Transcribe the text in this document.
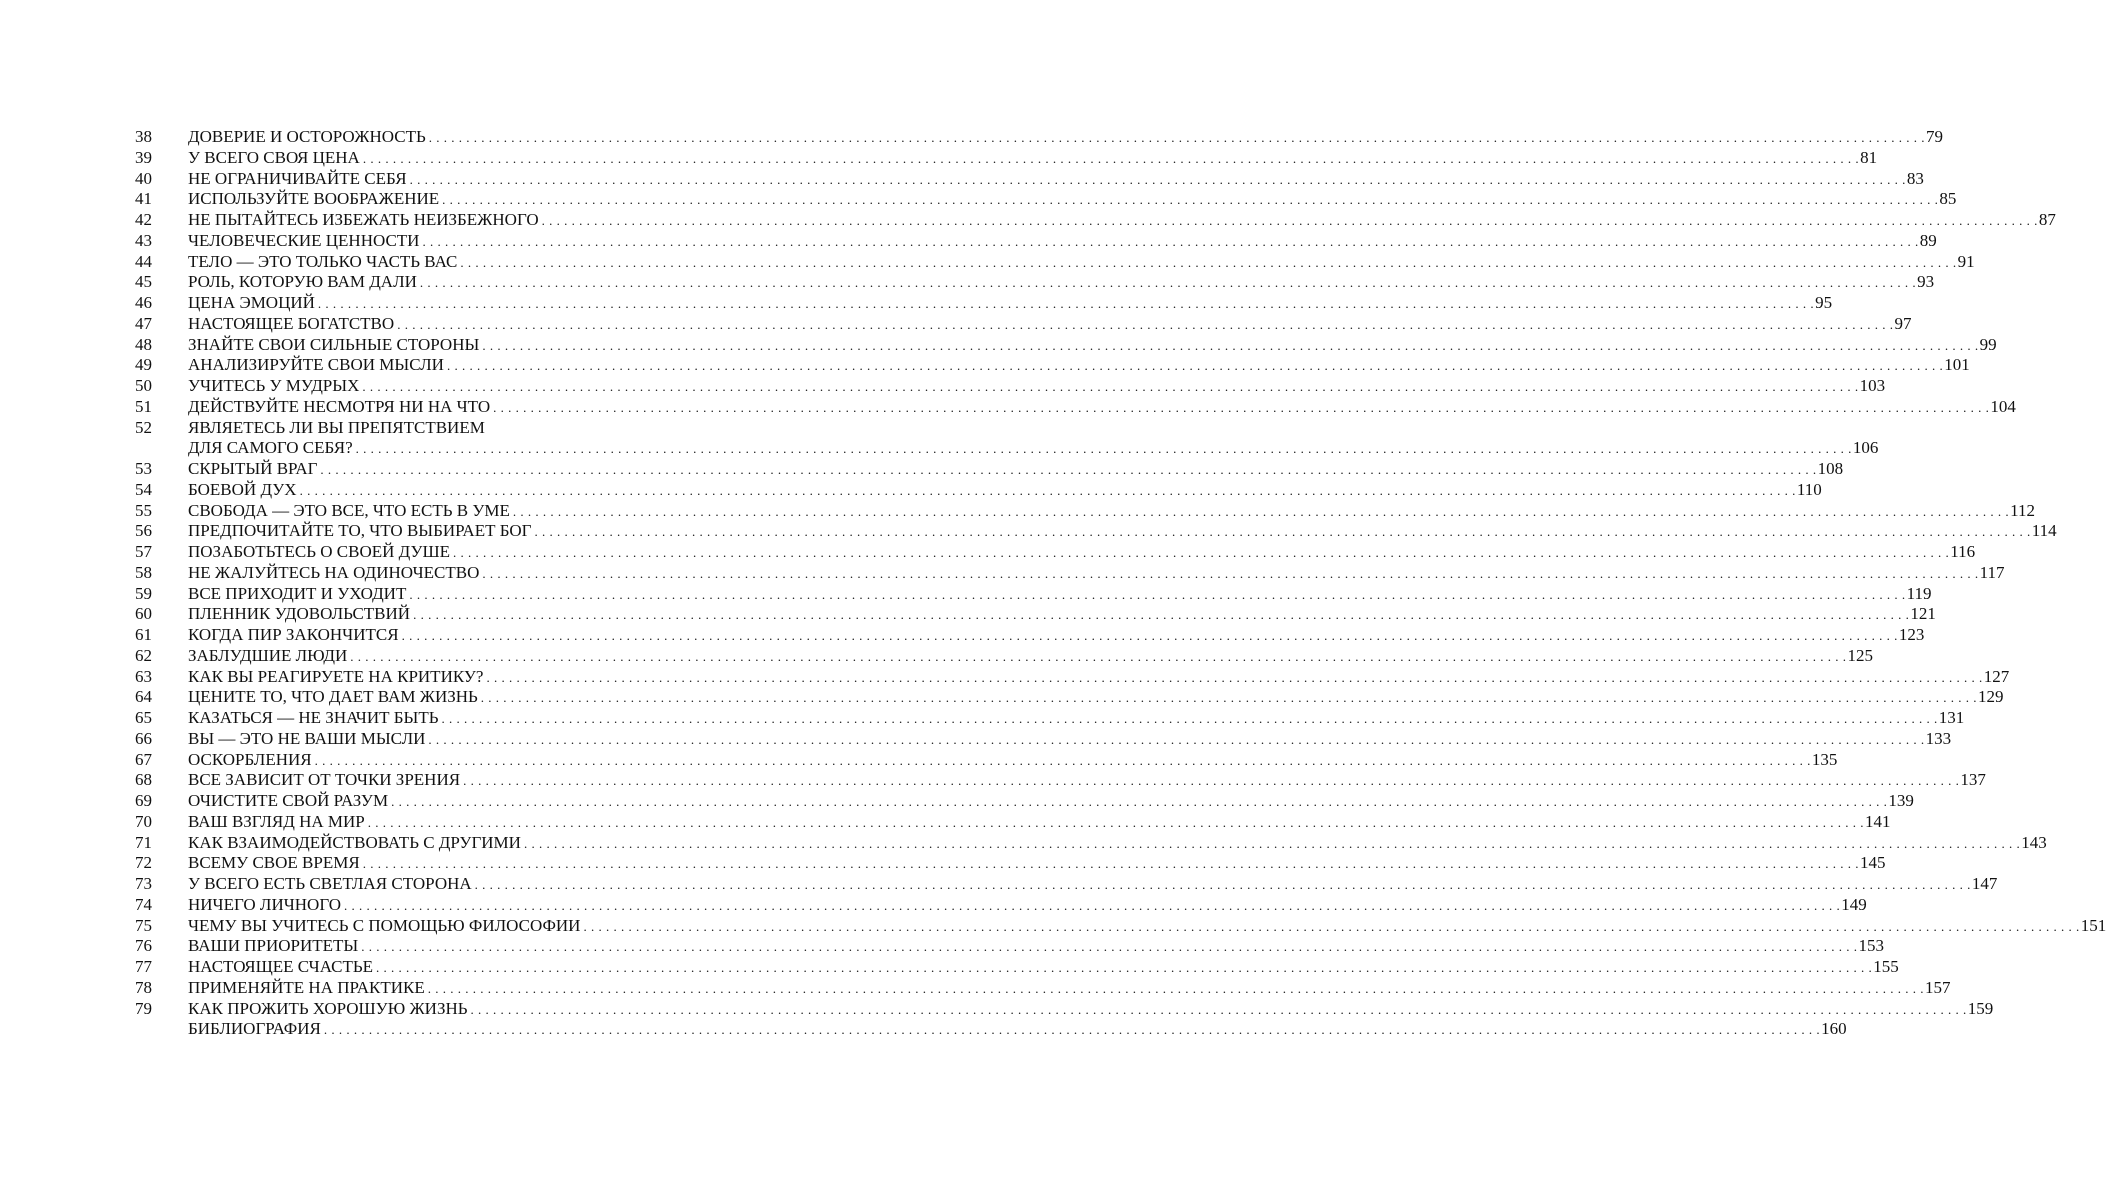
38 ДОВЕРИЕ И ОСТОРОЖНОСТЬ . . . . . . . . . . . . . . . . . . . . . . . . . . . . . . . . . . . . . . . . . . . . . . . . . . . . . . . . . . . . . . . . . . . . . . . . . . . . . . . . . . . . . . . . . . . . . . . . . . . . . . . . . . . . . . . . . . . . . . . . . . . . . . . . . . . . . . . . . . . . . . . . . . . . . . . . . . . . . . . . . . . . . . . . . . . . . . . . . . . . . . . . . . . . . . . . . . . . . . . . 79
39 У ВСЕГО СВОЯ ЦЕНА . . . . . . . . . . . . . . . . . . . . . . . . . . . . . . . . . . . . . . . . . . . . . . . . . . . . . . . . . . . . . . . . . . . . . . . . . . . . . . . . . . . . . . . . . . . . . . . . . . . . . . . . . . . . . . . . . . . . . . . . . . . . . . . . . . . . . . . . . . . . . . . . . . . . . . . . . . . . . . . . . . . . . . . . . . . . . . . . . . . . . . . . . . . . . . . . . . . . . . . . 81
40 НЕ ОГРАНИЧИВАЙТЕ СЕБЯ . . . . . . . . . . . . . . . . . . . . . . . . . . . . . . . . . . . . . . . . . . . . . . . . . . . . . . . . . . . . . . . . . . . . . . . . . . . . . . . . . . . . . . . . . . . . . . . . . . . . . . . . . . . . . . . . . . . . . . . . . . . . . . . . . . . . . . . . . . . . . . . . . . . . . . . . . . . . . . . . . . . . . . . . . . . . . . . . . . . . . . . . . . . . . . . . . . . . . . . . 83
41 ИСПОЛЬЗУЙТЕ ВООБРАЖЕНИЕ . . . . . . . . . . . . . . . . . . . . . . . . . . . . . . . . . . . . . . . . . . . . . . . . . . . . . . . . . . . . . . . . . . . . . . . . . . . . . . . . . . . . . . . . . . . . . . . . . . . . . . . . . . . . . . . . . . . . . . . . . . . . . . . . . . . . . . . . . . . . . . . . . . . . . . . . . . . . . . . . . . . . . . . . . . . . . . . . . . . . . . . . . . . . . . . . . . . . . . . . 85
42 НЕ ПЫТАЙТЕСЬ ИЗБЕЖАТЬ НЕИЗБЕЖНОГО . . . . . . . . . . . . . . . . . . . . . . . . . . . . . . . . . . . . . . . . . . . . . . . . . . . . . . . . . . . . . . . . . . . . . . . . . . . . . . . . . . . . . . . . . . . . . . . . . . . . . . . . . . . . . . . . . . . . . . . . . . . . . . . . . . . . . . . . . . . . . . . . . . . . . . . . . . . . . . . . . . . . . . . . . . . . . . . . . . . . . . . . . . . . . . . . . . . . . . . . 87
43 ЧЕЛОВЕЧЕСКИЕ ЦЕННОСТИ . . . . . . . . . . . . . . . . . . . . . . . . . . . . . . . . . . . . . . . . . . . . . . . . . . . . . . . . . . . . . . . . . . . . . . . . . . . . . . . . . . . . . . . . . . . . . . . . . . . . . . . . . . . . . . . . . . . . . . . . . . . . . . . . . . . . . . . . . . . . . . . . . . . . . . . . . . . . . . . . . . . . . . . . . . . . . . . . . . . . . . . . . . . . . . . . . . . . . . . . 89
44 ТЕЛО — ЭТО ТОЛЬКО ЧАСТЬ ВАС . . . . . . . . . . . . . . . . . . . . . . . . . . . . . . . . . . . . . . . . . . . . . . . . . . . . . . . . . . . . . . . . . . . . . . . . . . . . . . . . . . . . . . . . . . . . . . . . . . . . . . . . . . . . . . . . . . . . . . . . . . . . . . . . . . . . . . . . . . . . . . . . . . . . . . . . . . . . . . . . . . . . . . . . . . . . . . . . . . . . . . . . . . . . . . . . . . . . . . . . 91
45 РОЛЬ, КОТОРУЮ ВАМ ДАЛИ . . . . . . . . . . . . . . . . . . . . . . . . . . . . . . . . . . . . . . . . . . . . . . . . . . . . . . . . . . . . . . . . . . . . . . . . . . . . . . . . . . . . . . . . . . . . . . . . . . . . . . . . . . . . . . . . . . . . . . . . . . . . . . . . . . . . . . . . . . . . . . . . . . . . . . . . . . . . . . . . . . . . . . . . . . . . . . . . . . . . . . . . . . . . . . . . . . . . . . . . 93
46 ЦЕНА ЭМОЦИЙ . . . . . . . . . . . . . . . . . . . . . . . . . . . . . . . . . . . . . . . . . . . . . . . . . . . . . . . . . . . . . . . . . . . . . . . . . . . . . . . . . . . . . . . . . . . . . . . . . . . . . . . . . . . . . . . . . . . . . . . . . . . . . . . . . . . . . . . . . . . . . . . . . . . . . . . . . . . . . . . . . . . . . . . . . . . . . . . . . . . . . . . . . . . . . . . . . . . . . . . . 95
47 НАСТОЯЩЕЕ БОГАТСТВО . . . . . . . . . . . . . . . . . . . . . . . . . . . . . . . . . . . . . . . . . . . . . . . . . . . . . . . . . . . . . . . . . . . . . . . . . . . . . . . . . . . . . . . . . . . . . . . . . . . . . . . . . . . . . . . . . . . . . . . . . . . . . . . . . . . . . . . . . . . . . . . . . . . . . . . . . . . . . . . . . . . . . . . . . . . . . . . . . . . . . . . . . . . . . . . . . . . . . . . . 97
48 ЗНАЙТЕ СВОИ СИЛЬНЫЕ СТОРОНЫ . . . . . . . . . . . . . . . . . . . . . . . . . . . . . . . . . . . . . . . . . . . . . . . . . . . . . . . . . . . . . . . . . . . . . . . . . . . . . . . . . . . . . . . . . . . . . . . . . . . . . . . . . . . . . . . . . . . . . . . . . . . . . . . . . . . . . . . . . . . . . . . . . . . . . . . . . . . . . . . . . . . . . . . . . . . . . . . . . . . . . . . . . . . . . . . . . . . . . . . . 99
49 АНАЛИЗИРУЙТЕ СВОИ МЫСЛИ . . . . . . . . . . . . . . . . . . . . . . . . . . . . . . . . . . . . . . . . . . . . . . . . . . . . . . . . . . . . . . . . . . . . . . . . . . . . . . . . . . . . . . . . . . . . . . . . . . . . . . . . . . . . . . . . . . . . . . . . . . . . . . . . . . . . . . . . . . . . . . . . . . . . . . . . . . . . . . . . . . . . . . . . . . . . . . . . . . . . . . . . . . . . . . . . . . . . . . . . 101
50 УЧИТЕСЬ У МУДРЫХ . . . . . . . . . . . . . . . . . . . . . . . . . . . . . . . . . . . . . . . . . . . . . . . . . . . . . . . . . . . . . . . . . . . . . . . . . . . . . . . . . . . . . . . . . . . . . . . . . . . . . . . . . . . . . . . . . . . . . . . . . . . . . . . . . . . . . . . . . . . . . . . . . . . . . . . . . . . . . . . . . . . . . . . . . . . . . . . . . . . . . . . . . . . . . . . . . . . . . . . . 103
51 ДЕЙСТВУЙТЕ НЕСМОТРЯ НИ НА ЧТО . . . . . . . . . . . . . . . . . . . . . . . . . . . . . . . . . . . . . . . . . . . . . . . . . . . . . . . . . . . . . . . . . . . . . . . . . . . . . . . . . . . . . . . . . . . . . . . . . . . . . . . . . . . . . . . . . . . . . . . . . . . . . . . . . . . . . . . . . . . . . . . . . . . . . . . . . . . . . . . . . . . . . . . . . . . . . . . . . . . . . . . . . . . . . . . . . . . . . . . . 104
52 ЯВЛЯЕТЕСЬ ЛИ ВЫ ПРЕПЯТСТВИЕМ
ДЛЯ САМОГО СЕБЯ? . . . . . . . . . . . . . . . . . . . . . . . . . . . . . . . . . . . . . . . . . . . . . . . . . . . . . . . . . . . . . . . . . . . . . . . . . . . . . . . . . . . . . . . . . . . . . . . . . . . . . . . . . . . . . . . . . . . . . . . . . . . . . . . . . . . . . . . . . . . . . . . . . . . . . . . . . . . . . . . . . . . . . . . . . . . . . . . . . . . . . . . . . . . . . . . . . . . . . . . . 106
53 СКРЫТЫЙ ВРАГ . . . . . . . . . . . . . . . . . . . . . . . . . . . . . . . . . . . . . . . . . . . . . . . . . . . . . . . . . . . . . . . . . . . . . . . . . . . . . . . . . . . . . . . . . . . . . . . . . . . . . . . . . . . . . . . . . . . . . . . . . . . . . . . . . . . . . . . . . . . . . . . . . . . . . . . . . . . . . . . . . . . . . . . . . . . . . . . . . . . . . . . . . . . . . . . . . . . . . . . . 108
54 БОЕВОЙ ДУХ . . . . . . . . . . . . . . . . . . . . . . . . . . . . . . . . . . . . . . . . . . . . . . . . . . . . . . . . . . . . . . . . . . . . . . . . . . . . . . . . . . . . . . . . . . . . . . . . . . . . . . . . . . . . . . . . . . . . . . . . . . . . . . . . . . . . . . . . . . . . . . . . . . . . . . . . . . . . . . . . . . . . . . . . . . . . . . . . . . . . . . . . . . . . . . . . . . . . . . . . 110
55 СВОБОДА — ЭТО ВСЕ, ЧТО ЕСТЬ В УМЕ . . . . . . . . . . . . . . . . . . . . . . . . . . . . . . . . . . . . . . . . . . . . . . . . . . . . . . . . . . . . . . . . . . . . . . . . . . . . . . . . . . . . . . . . . . . . . . . . . . . . . . . . . . . . . . . . . . . . . . . . . . . . . . . . . . . . . . . . . . . . . . . . . . . . . . . . . . . . . . . . . . . . . . . . . . . . . . . . . . . . . . . . . . . . . . . . . . . . . . . . 112
56 ПРЕДПОЧИТАЙТЕ ТО, ЧТО ВЫБИРАЕТ БОГ . . . . . . . . . . . . . . . . . . . . . . . . . . . . . . . . . . . . . . . . . . . . . . . . . . . . . . . . . . . . . . . . . . . . . . . . . . . . . . . . . . . . . . . . . . . . . . . . . . . . . . . . . . . . . . . . . . . . . . . . . . . . . . . . . . . . . . . . . . . . . . . . . . . . . . . . . . . . . . . . . . . . . . . . . . . . . . . . . . . . . . . . . . . . . . . . . . . . . . . . 114
57 ПОЗАБОТЬТЕСЬ О СВОЕЙ ДУШЕ . . . . . . . . . . . . . . . . . . . . . . . . . . . . . . . . . . . . . . . . . . . . . . . . . . . . . . . . . . . . . . . . . . . . . . . . . . . . . . . . . . . . . . . . . . . . . . . . . . . . . . . . . . . . . . . . . . . . . . . . . . . . . . . . . . . . . . . . . . . . . . . . . . . . . . . . . . . . . . . . . . . . . . . . . . . . . . . . . . . . . . . . . . . . . . . . . . . . . . . . 116
58 НЕ ЖАЛУЙТЕСЬ НА ОДИНОЧЕСТВО . . . . . . . . . . . . . . . . . . . . . . . . . . . . . . . . . . . . . . . . . . . . . . . . . . . . . . . . . . . . . . . . . . . . . . . . . . . . . . . . . . . . . . . . . . . . . . . . . . . . . . . . . . . . . . . . . . . . . . . . . . . . . . . . . . . . . . . . . . . . . . . . . . . . . . . . . . . . . . . . . . . . . . . . . . . . . . . . . . . . . . . . . . . . . . . . . . . . . . . . 117
59 ВСЕ ПРИХОДИТ И УХОДИТ . . . . . . . . . . . . . . . . . . . . . . . . . . . . . . . . . . . . . . . . . . . . . . . . . . . . . . . . . . . . . . . . . . . . . . . . . . . . . . . . . . . . . . . . . . . . . . . . . . . . . . . . . . . . . . . . . . . . . . . . . . . . . . . . . . . . . . . . . . . . . . . . . . . . . . . . . . . . . . . . . . . . . . . . . . . . . . . . . . . . . . . . . . . . . . . . . . . . . . . . 119
60 ПЛЕННИК УДОВОЛЬСТВИЙ . . . . . . . . . . . . . . . . . . . . . . . . . . . . . . . . . . . . . . . . . . . . . . . . . . . . . . . . . . . . . . . . . . . . . . . . . . . . . . . . . . . . . . . . . . . . . . . . . . . . . . . . . . . . . . . . . . . . . . . . . . . . . . . . . . . . . . . . . . . . . . . . . . . . . . . . . . . . . . . . . . . . . . . . . . . . . . . . . . . . . . . . . . . . . . . . . . . . . . . . 121
61 КОГДА ПИР ЗАКОНЧИТСЯ . . . . . . . . . . . . . . . . . . . . . . . . . . . . . . . . . . . . . . . . . . . . . . . . . . . . . . . . . . . . . . . . . . . . . . . . . . . . . . . . . . . . . . . . . . . . . . . . . . . . . . . . . . . . . . . . . . . . . . . . . . . . . . . . . . . . . . . . . . . . . . . . . . . . . . . . . . . . . . . . . . . . . . . . . . . . . . . . . . . . . . . . . . . . . . . . . . . . . . . . 123
62 ЗАБЛУДШИЕ ЛЮДИ . . . . . . . . . . . . . . . . . . . . . . . . . . . . . . . . . . . . . . . . . . . . . . . . . . . . . . . . . . . . . . . . . . . . . . . . . . . . . . . . . . . . . . . . . . . . . . . . . . . . . . . . . . . . . . . . . . . . . . . . . . . . . . . . . . . . . . . . . . . . . . . . . . . . . . . . . . . . . . . . . . . . . . . . . . . . . . . . . . . . . . . . . . . . . . . . . . . . . . . . 125
63 КАК ВЫ РЕАГИРУЕТЕ НА КРИТИКУ? . . . . . . . . . . . . . . . . . . . . . . . . . . . . . . . . . . . . . . . . . . . . . . . . . . . . . . . . . . . . . . . . . . . . . . . . . . . . . . . . . . . . . . . . . . . . . . . . . . . . . . . . . . . . . . . . . . . . . . . . . . . . . . . . . . . . . . . . . . . . . . . . . . . . . . . . . . . . . . . . . . . . . . . . . . . . . . . . . . . . . . . . . . . . . . . . . . . . . . . . 127
64 ЦЕНИТЕ ТО, ЧТО ДАЕТ ВАМ ЖИЗНЬ . . . . . . . . . . . . . . . . . . . . . . . . . . . . . . . . . . . . . . . . . . . . . . . . . . . . . . . . . . . . . . . . . . . . . . . . . . . . . . . . . . . . . . . . . . . . . . . . . . . . . . . . . . . . . . . . . . . . . . . . . . . . . . . . . . . . . . . . . . . . . . . . . . . . . . . . . . . . . . . . . . . . . . . . . . . . . . . . . . . . . . . . . . . . . . . . . . . . . . . . 129
65 КАЗАТЬСЯ — НЕ ЗНАЧИТ БЫТЬ . . . . . . . . . . . . . . . . . . . . . . . . . . . . . . . . . . . . . . . . . . . . . . . . . . . . . . . . . . . . . . . . . . . . . . . . . . . . . . . . . . . . . . . . . . . . . . . . . . . . . . . . . . . . . . . . . . . . . . . . . . . . . . . . . . . . . . . . . . . . . . . . . . . . . . . . . . . . . . . . . . . . . . . . . . . . . . . . . . . . . . . . . . . . . . . . . . . . . . . . 131
66 ВЫ — ЭТО НЕ ВАШИ МЫСЛИ . . . . . . . . . . . . . . . . . . . . . . . . . . . . . . . . . . . . . . . . . . . . . . . . . . . . . . . . . . . . . . . . . . . . . . . . . . . . . . . . . . . . . . . . . . . . . . . . . . . . . . . . . . . . . . . . . . . . . . . . . . . . . . . . . . . . . . . . . . . . . . . . . . . . . . . . . . . . . . . . . . . . . . . . . . . . . . . . . . . . . . . . . . . . . . . . . . . . . . . . 133
67 ОСКОРБЛЕНИЯ . . . . . . . . . . . . . . . . . . . . . . . . . . . . . . . . . . . . . . . . . . . . . . . . . . . . . . . . . . . . . . . . . . . . . . . . . . . . . . . . . . . . . . . . . . . . . . . . . . . . . . . . . . . . . . . . . . . . . . . . . . . . . . . . . . . . . . . . . . . . . . . . . . . . . . . . . . . . . . . . . . . . . . . . . . . . . . . . . . . . . . . . . . . . . . . . . . . . . . . . 135
68 ВСЕ ЗАВИСИТ ОТ ТОЧКИ ЗРЕНИЯ . . . . . . . . . . . . . . . . . . . . . . . . . . . . . . . . . . . . . . . . . . . . . . . . . . . . . . . . . . . . . . . . . . . . . . . . . . . . . . . . . . . . . . . . . . . . . . . . . . . . . . . . . . . . . . . . . . . . . . . . . . . . . . . . . . . . . . . . . . . . . . . . . . . . . . . . . . . . . . . . . . . . . . . . . . . . . . . . . . . . . . . . . . . . . . . . . . . . . . . . 137
69 ОЧИСТИТЕ СВОЙ РАЗУМ . . . . . . . . . . . . . . . . . . . . . . . . . . . . . . . . . . . . . . . . . . . . . . . . . . . . . . . . . . . . . . . . . . . . . . . . . . . . . . . . . . . . . . . . . . . . . . . . . . . . . . . . . . . . . . . . . . . . . . . . . . . . . . . . . . . . . . . . . . . . . . . . . . . . . . . . . . . . . . . . . . . . . . . . . . . . . . . . . . . . . . . . . . . . . . . . . . . . . . . . 139
70 ВАШ ВЗГЛЯД НА МИР . . . . . . . . . . . . . . . . . . . . . . . . . . . . . . . . . . . . . . . . . . . . . . . . . . . . . . . . . . . . . . . . . . . . . . . . . . . . . . . . . . . . . . . . . . . . . . . . . . . . . . . . . . . . . . . . . . . . . . . . . . . . . . . . . . . . . . . . . . . . . . . . . . . . . . . . . . . . . . . . . . . . . . . . . . . . . . . . . . . . . . . . . . . . . . . . . . . . . . . . 141
71 КАК ВЗАИМОДЕЙСТВОВАТЬ С ДРУГИМИ . . . . . . . . . . . . . . . . . . . . . . . . . . . . . . . . . . . . . . . . . . . . . . . . . . . . . . . . . . . . . . . . . . . . . . . . . . . . . . . . . . . . . . . . . . . . . . . . . . . . . . . . . . . . . . . . . . . . . . . . . . . . . . . . . . . . . . . . . . . . . . . . . . . . . . . . . . . . . . . . . . . . . . . . . . . . . . . . . . . . . . . . . . . . . . . . . . . . . . . . 143
72 ВСЕМУ СВОЕ ВРЕМЯ . . . . . . . . . . . . . . . . . . . . . . . . . . . . . . . . . . . . . . . . . . . . . . . . . . . . . . . . . . . . . . . . . . . . . . . . . . . . . . . . . . . . . . . . . . . . . . . . . . . . . . . . . . . . . . . . . . . . . . . . . . . . . . . . . . . . . . . . . . . . . . . . . . . . . . . . . . . . . . . . . . . . . . . . . . . . . . . . . . . . . . . . . . . . . . . . . . . . . . . . 145
73 У ВСЕГО ЕСТЬ СВЕТЛАЯ СТОРОНА . . . . . . . . . . . . . . . . . . . . . . . . . . . . . . . . . . . . . . . . . . . . . . . . . . . . . . . . . . . . . . . . . . . . . . . . . . . . . . . . . . . . . . . . . . . . . . . . . . . . . . . . . . . . . . . . . . . . . . . . . . . . . . . . . . . . . . . . . . . . . . . . . . . . . . . . . . . . . . . . . . . . . . . . . . . . . . . . . . . . . . . . . . . . . . . . . . . . . . . . 147
74 НИЧЕГО ЛИЧНОГО . . . . . . . . . . . . . . . . . . . . . . . . . . . . . . . . . . . . . . . . . . . . . . . . . . . . . . . . . . . . . . . . . . . . . . . . . . . . . . . . . . . . . . . . . . . . . . . . . . . . . . . . . . . . . . . . . . . . . . . . . . . . . . . . . . . . . . . . . . . . . . . . . . . . . . . . . . . . . . . . . . . . . . . . . . . . . . . . . . . . . . . . . . . . . . . . . . . . . . . . 149
75 ЧЕМУ ВЫ УЧИТЕСЬ С ПОМОЩЬЮ ФИЛОСОФИИ . . . . . . . . . . . . . . . . . . . . . . . . . . . . . . . . . . . . . . . . . . . . . . . . . . . . . . . . . . . . . . . . . . . . . . . . . . . . . . . . . . . . . . . . . . . . . . . . . . . . . . . . . . . . . . . . . . . . . . . . . . . . . . . . . . . . . . . . . . . . . . . . . . . . . . . . . . . . . . . . . . . . . . . . . . . . . . . . . . . . . . . . . . . . . . . . . . . . . . . . 151
76 ВАШИ ПРИОРИТЕТЫ . . . . . . . . . . . . . . . . . . . . . . . . . . . . . . . . . . . . . . . . . . . . . . . . . . . . . . . . . . . . . . . . . . . . . . . . . . . . . . . . . . . . . . . . . . . . . . . . . . . . . . . . . . . . . . . . . . . . . . . . . . . . . . . . . . . . . . . . . . . . . . . . . . . . . . . . . . . . . . . . . . . . . . . . . . . . . . . . . . . . . . . . . . . . . . . . . . . . . . . . 153
77 НАСТОЯЩЕЕ СЧАСТЬЕ . . . . . . . . . . . . . . . . . . . . . . . . . . . . . . . . . . . . . . . . . . . . . . . . . . . . . . . . . . . . . . . . . . . . . . . . . . . . . . . . . . . . . . . . . . . . . . . . . . . . . . . . . . . . . . . . . . . . . . . . . . . . . . . . . . . . . . . . . . . . . . . . . . . . . . . . . . . . . . . . . . . . . . . . . . . . . . . . . . . . . . . . . . . . . . . . . . . . . . . . 155
78 ПРИМЕНЯЙТЕ НА ПРАКТИКЕ . . . . . . . . . . . . . . . . . . . . . . . . . . . . . . . . . . . . . . . . . . . . . . . . . . . . . . . . . . . . . . . . . . . . . . . . . . . . . . . . . . . . . . . . . . . . . . . . . . . . . . . . . . . . . . . . . . . . . . . . . . . . . . . . . . . . . . . . . . . . . . . . . . . . . . . . . . . . . . . . . . . . . . . . . . . . . . . . . . . . . . . . . . . . . . . . . . . . . . . . 157
79 КАК ПРОЖИТЬ ХОРОШУЮ ЖИЗНЬ . . . . . . . . . . . . . . . . . . . . . . . . . . . . . . . . . . . . . . . . . . . . . . . . . . . . . . . . . . . . . . . . . . . . . . . . . . . . . . . . . . . . . . . . . . . . . . . . . . . . . . . . . . . . . . . . . . . . . . . . . . . . . . . . . . . . . . . . . . . . . . . . . . . . . . . . . . . . . . . . . . . . . . . . . . . . . . . . . . . . . . . . . . . . . . . . . . . . . . . . 159
БИБЛИОГРАФИЯ . . . . . . . . . . . . . . . . . . . . . . . . . . . . . . . . . . . . . . . . . . . . . . . . . . . . . . . . . . . . . . . . . . . . . . . . . . . . . . . . . . . . . . . . . . . . . . . . . . . . . . . . . . . . . . . . . . . . . . . . . . . . . . . . . . . . . . . . . . . . . . . . . . . . . . . . . . . . . . . . . . . . . . . . . . . . . . . . . . . . . . . . . . . . . . . . . . . . . . . . 160
